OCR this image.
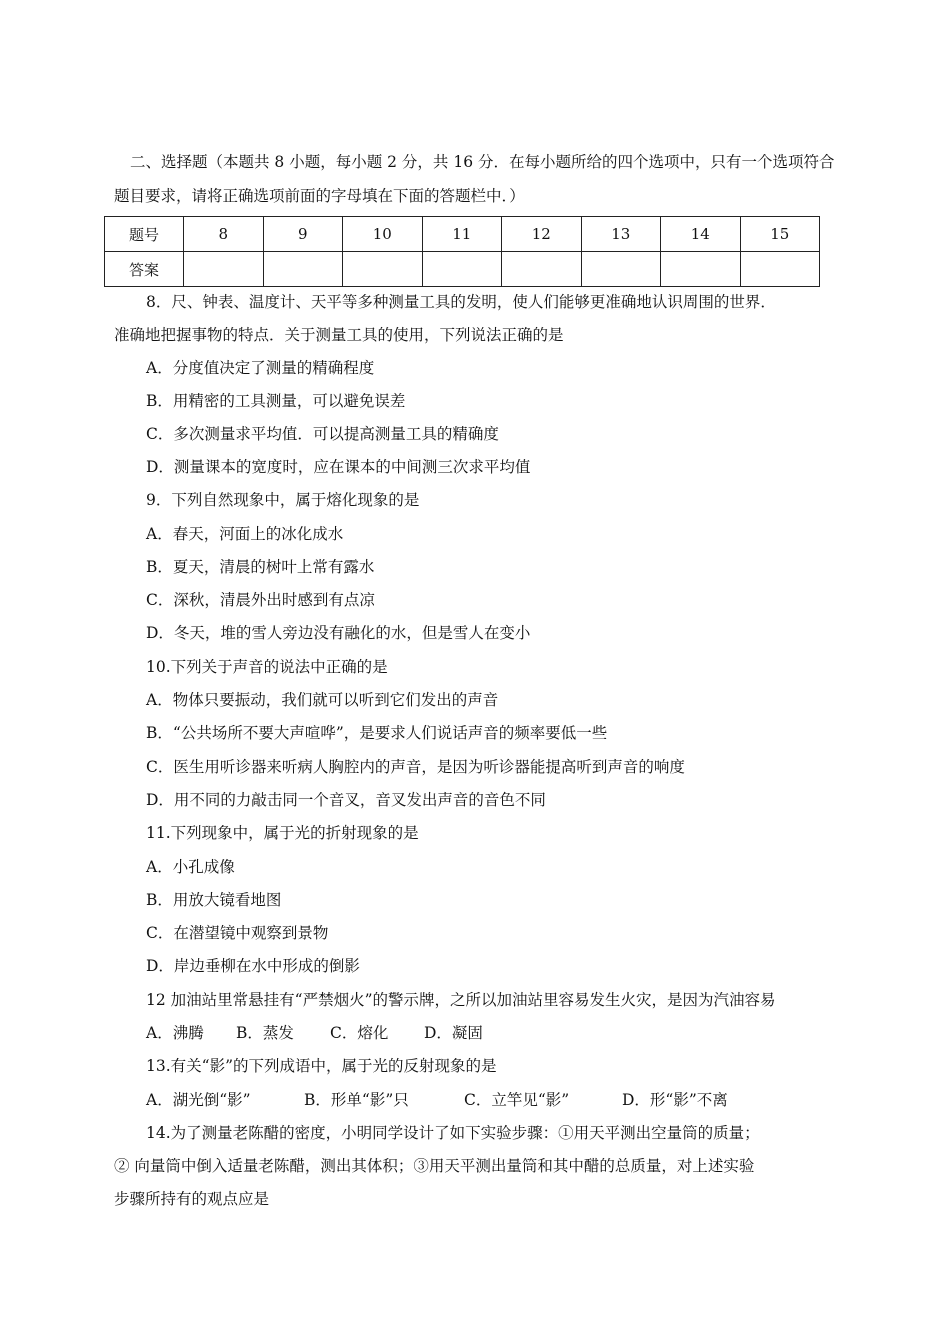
二、选择题（本题共 8 小题，每小题 2 分，共 16 分．在每小题所给的四个选项中，只有一个选项符合
题目要求，请将正确选项前面的字母填在下面的答题栏中．）
题号	8	9	10	11	12	13	14	15
答案								
8．尺、钟表、温度计、天平等多种测量工具的发明，使人们能够更准确地认识周围的世界．
准确地把握事物的特点．关于测量工具的使用，下列说法正确的是
A．分度值决定了测量的精确程度
B．用精密的工具测量，可以避免误差
C．多次测量求平均值．可以提高测量工具的精确度
D．测量课本的宽度时，应在课本的中间测三次求平均值
9．下列自然现象中，属于熔化现象的是
A．春天，河面上的冰化成水
B．夏天，清晨的树叶上常有露水
C．深秋，清晨外出时感到有点凉
D．冬天，堆的雪人旁边没有融化的水，但是雪人在变小
10.下列关于声音的说法中正确的是
A．物体只要振动，我们就可以听到它们发出的声音
B．“公共场所不要大声喧哗”，是要求人们说话声音的频率要低一些
C．医生用听诊器来听病人胸腔内的声音，是因为听诊器能提高听到声音的响度
D．用不同的力敲击同一个音叉，音叉发出声音的音色不同
11.下列现象中，属于光的折射现象的是
A．小孔成像
B．用放大镜看地图
C．在潜望镜中观察到景物
D．岸边垂柳在水中形成的倒影
12 加油站里常悬挂有“严禁烟火”的警示牌，之所以加油站里容易发生火灾，是因为汽油容易
A．沸腾 B．蒸发 C．熔化 D．凝固
13.有关“影”的下列成语中，属于光的反射现象的是
A．湖光倒“影”	B．形单“影”只	C．立竿见“影”	D．形“影”不离
14.为了测量老陈醋的密度，小明同学设计了如下实验步骤：①用天平测出空量筒的质量；
② 向量筒中倒入适量老陈醋，测出其体积；③用天平测出量筒和其中醋的总质量，对上述实验
步骤所持有的观点应是
